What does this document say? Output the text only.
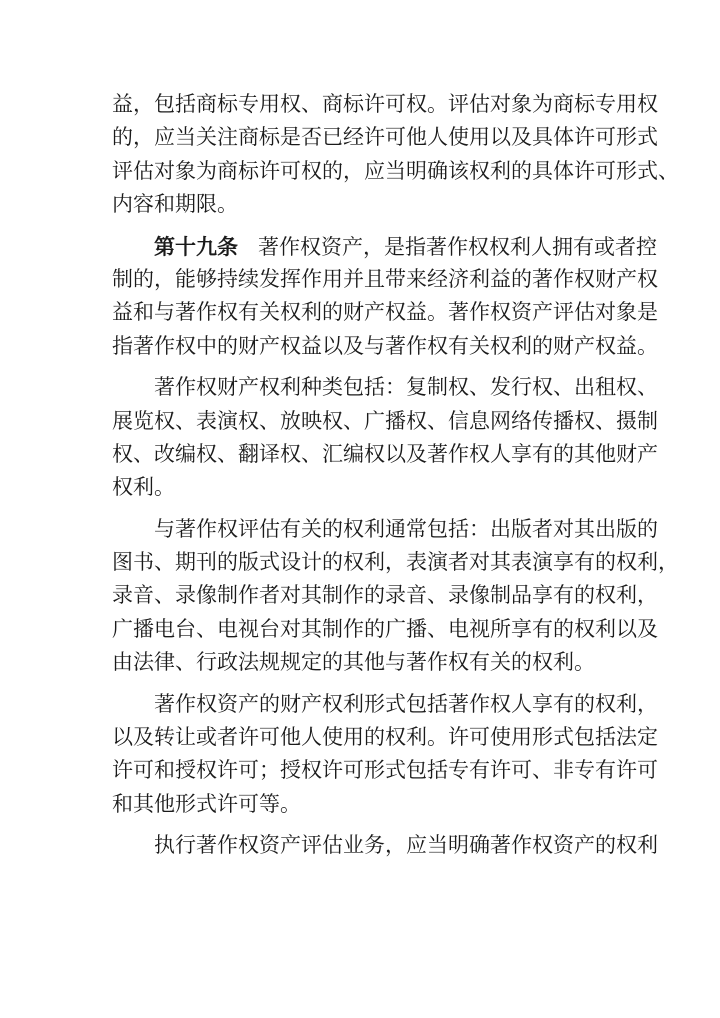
益，包括商标专用权、商标许可权。评估对象为商标专用权
的，应当关注商标是否已经许可他人使用以及具体许可形式
评估对象为商标许可权的，应当明确该权利的具体许可形式、
内容和期限。
第十九条 著作权资产，是指著作权权利人拥有或者控
制的，能够持续发挥作用并且带来经济利益的著作权财产权
益和与著作权有关权利的财产权益。著作权资产评估对象是
指著作权中的财产权益以及与著作权有关权利的财产权益。
著作权财产权利种类包括：复制权、发行权、出租权、
展览权、表演权、放映权、广播权、信息网络传播权、摄制
权、改编权、翻译权、汇编权以及著作权人享有的其他财产
权利。
与著作权评估有关的权利通常包括：出版者对其出版的
图书、期刊的版式设计的权利，表演者对其表演享有的权利，
录音、录像制作者对其制作的录音、录像制品享有的权利，
广播电台、电视台对其制作的广播、电视所享有的权利以及
由法律、行政法规规定的其他与著作权有关的权利。
著作权资产的财产权利形式包括著作权人享有的权利，
以及转让或者许可他人使用的权利。许可使用形式包括法定
许可和授权许可；授权许可形式包括专有许可、非专有许可
和其他形式许可等。
执行著作权资产评估业务，应当明确著作权资产的权利
